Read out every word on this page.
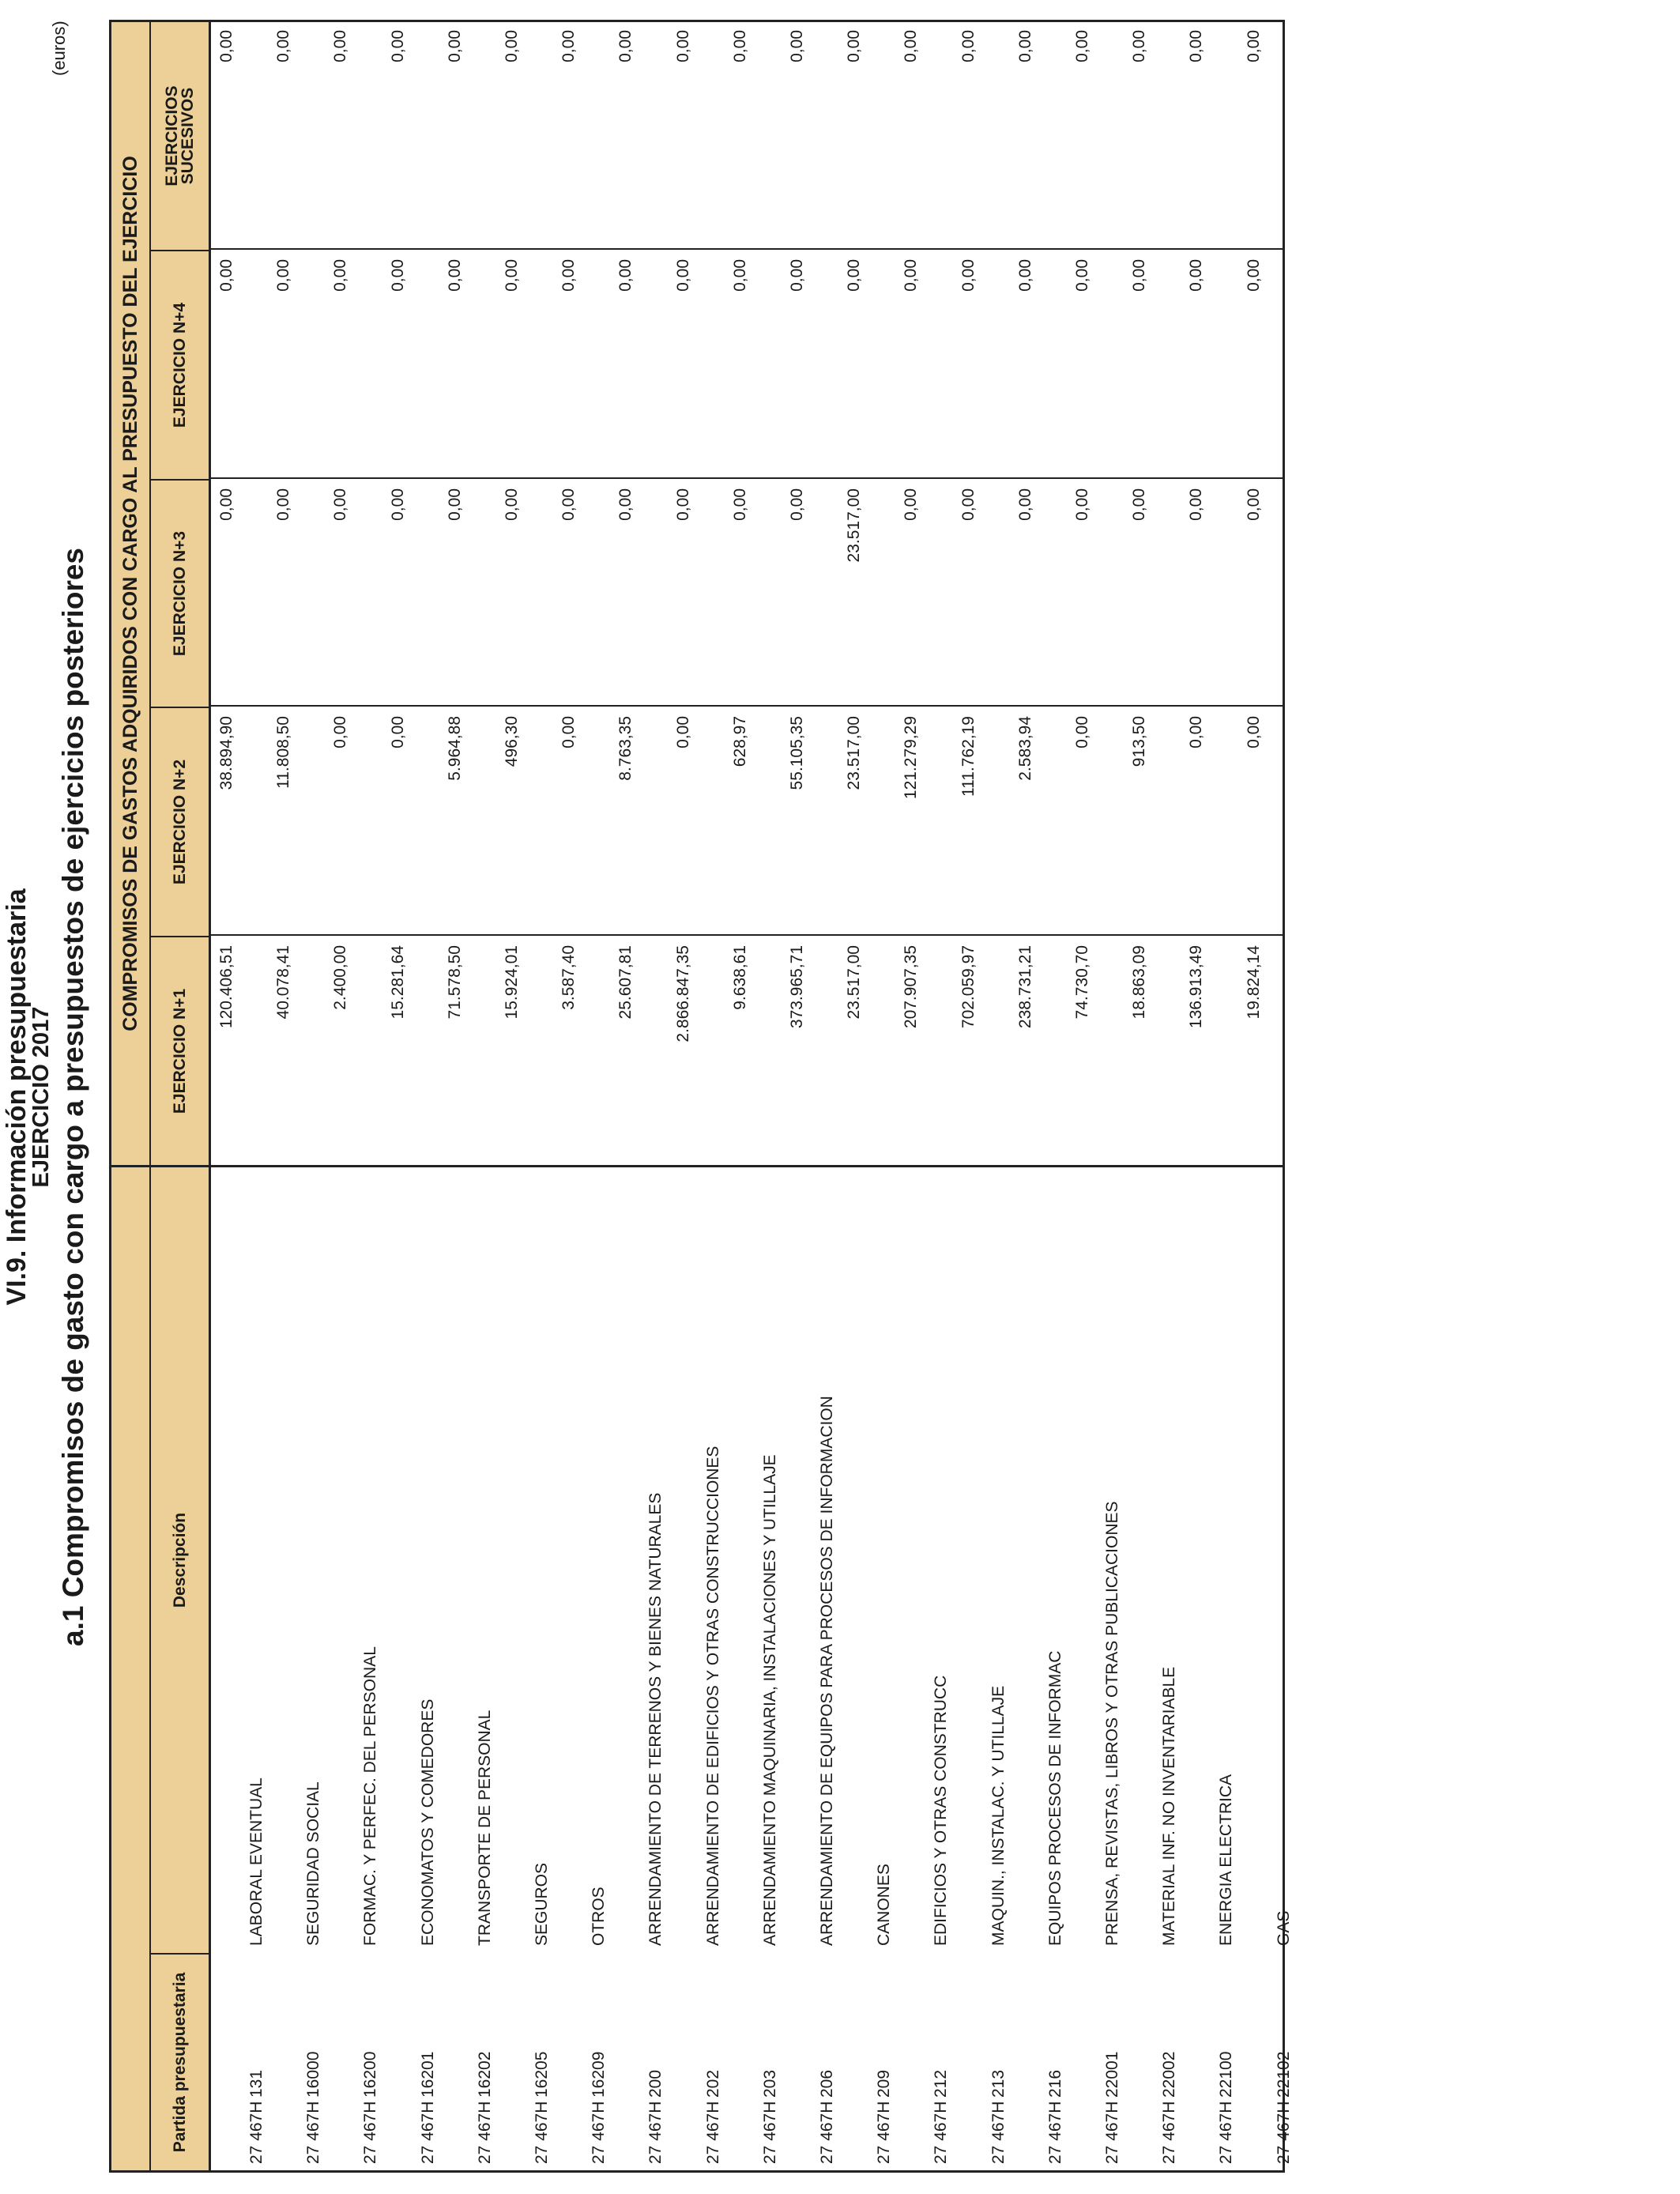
VI.9. Información presupuestaria
EJERCICIO 2017 a.1 Compromisos de gasto con cargo a presupuestos de ejercicios posteriores
(euros)
Partida presupuestaria
Descripción
COMPROMISOS DE GASTOS ADQUIRIDOS CON CARGO AL PRESUPUESTO DEL EJERCICIO
EJERCICIO N+1
EJERCICIO N+2
EJERCICIO N+3
EJERCICIO N+4
EJERCICIOS SUCESIVOS
27 467H
131
LABORAL EVENTUAL
120.406,51
38.894,90
0,00
0,00
0,00
27 467H
16000
SEGURIDAD SOCIAL
40.078,41
11.808,50
0,00
0,00
0,00
27 467H
16200
FORMAC. Y PERFEC. DEL PERSONAL
2.400,00
0,00
0,00
0,00
0,00
27 467H
16201
ECONOMATOS Y COMEDORES
15.281,64
0,00
0,00
0,00
0,00
27 467H
16202
TRANSPORTE DE PERSONAL
71.578,50
5.964,88
0,00
0,00
0,00
27 467H
16205
SEGUROS
15.924,01
496,30
0,00
0,00
0,00
27 467H
16209
OTROS
3.587,40
0,00
0,00
0,00
0,00
27 467H
200
ARRENDAMIENTO DE TERRENOS Y BIENES NATURALES
25.607,81
8.763,35
0,00
0,00
0,00
27 467H
202
ARRENDAMIENTO DE EDIFICIOS Y OTRAS CONSTRUCCIONES
2.866.847,35
0,00
0,00
0,00
0,00
27 467H
203
ARRENDAMIENTO MAQUINARIA, INSTALACIONES Y UTILLAJE
9.638,61
628,97
0,00
0,00
0,00
27 467H
206
ARRENDAMIENTO DE EQUIPOS PARA PROCESOS DE INFORMACION
373.965,71
55.105,35
0,00
0,00
0,00
27 467H
209
CANONES
23.517,00
23.517,00
23.517,00
0,00
0,00
27 467H
212
EDIFICIOS Y OTRAS CONSTRUCC
207.907,35
121.279,29
0,00
0,00
0,00
27 467H
213
MAQUIN., INSTALAC. Y UTILLAJE
702.059,97
111.762,19
0,00
0,00
0,00
27 467H
216
EQUIPOS PROCESOS DE INFORMAC
238.731,21
2.583,94
0,00
0,00
0,00
27 467H
22001
PRENSA, REVISTAS, LIBROS Y OTRAS PUBLICACIONES
74.730,70
0,00
0,00
0,00
0,00
27 467H
22002
MATERIAL INF. NO INVENTARIABLE
18.863,09
913,50
0,00
0,00
0,00
27 467H
22100
ENERGIA ELECTRICA
136.913,49
0,00
0,00
0,00
0,00
27 467H
22102
GAS
19.824,14
0,00
0,00
0,00
0,00
